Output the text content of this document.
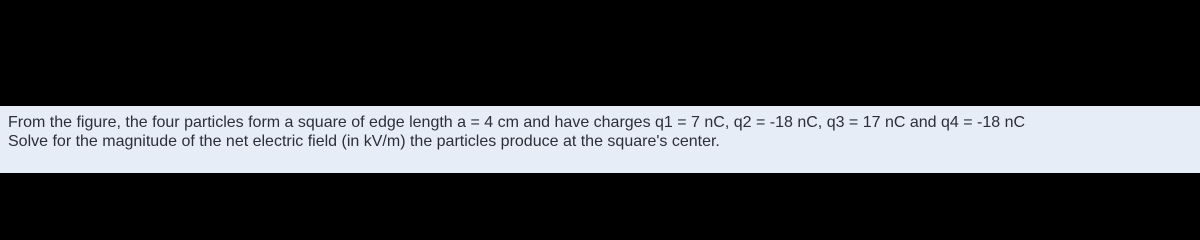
From the figure, the four particles form a square of edge length a = 4 cm and have charges q1 = 7 nC, q2 = -18 nC, q3 = 17 nC and q4 = -18 nC
Solve for the magnitude of the net electric field (in kV/m) the particles produce at the square's center.
